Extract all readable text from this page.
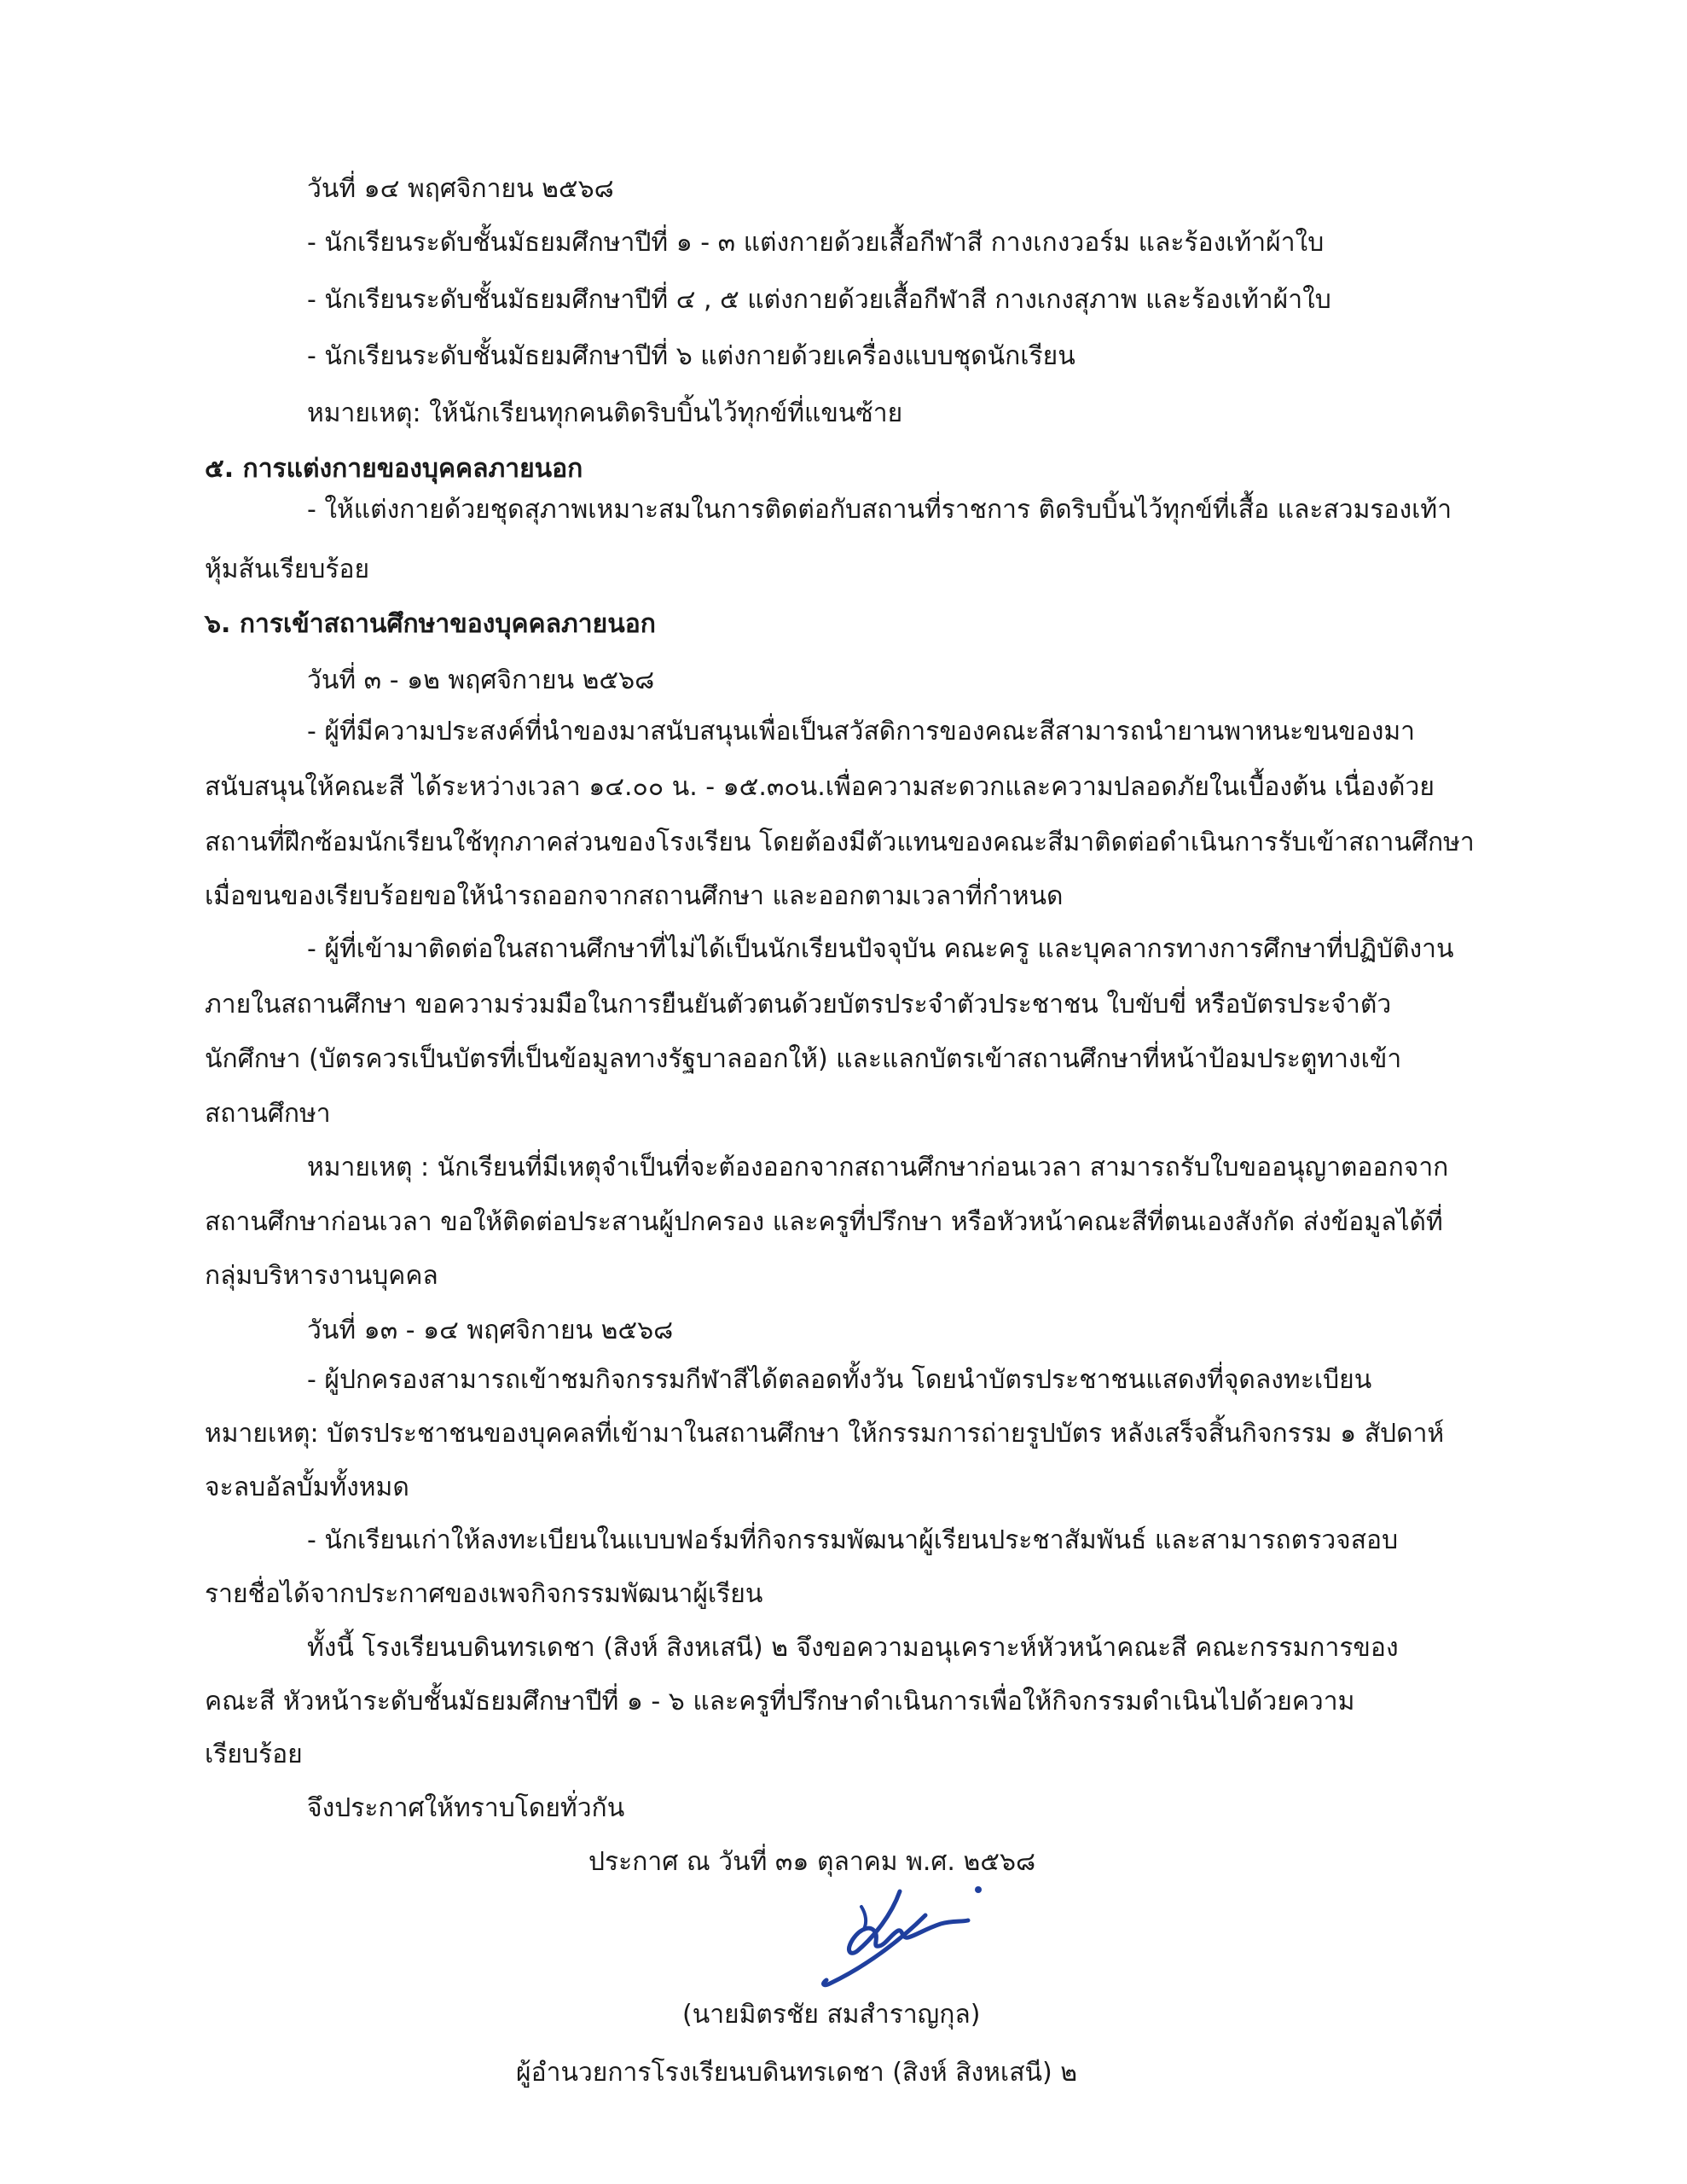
วันที่ ๑๔ พฤศจิกายน ๒๕๖๘
- นักเรียนระดับชั้นมัธยมศึกษาปีที่ ๑ - ๓ แต่งกายด้วยเสื้อกีฬาสี กางเกงวอร์ม และร้องเท้าผ้าใบ
- นักเรียนระดับชั้นมัธยมศึกษาปีที่ ๔ , ๕ แต่งกายด้วยเสื้อกีฬาสี กางเกงสุภาพ และร้องเท้าผ้าใบ
- นักเรียนระดับชั้นมัธยมศึกษาปีที่ ๖ แต่งกายด้วยเครื่องแบบชุดนักเรียน
หมายเหตุ: ให้นักเรียนทุกคนติดริบบิ้นไว้ทุกข์ที่แขนซ้าย
๕. การแต่งกายของบุคคลภายนอก
- ให้แต่งกายด้วยชุดสุภาพเหมาะสมในการติดต่อกับสถานที่ราชการ ติดริบบิ้นไว้ทุกข์ที่เสื้อ และสวมรองเท้า
หุ้มส้นเรียบร้อย
๖. การเข้าสถานศึกษาของบุคคลภายนอก
วันที่ ๓ - ๑๒ พฤศจิกายน ๒๕๖๘
- ผู้ที่มีความประสงค์ที่นำของมาสนับสนุนเพื่อเป็นสวัสดิการของคณะสีสามารถนำยานพาหนะขนของมา
สนับสนุนให้คณะสี ได้ระหว่างเวลา ๑๔.๐๐ น. - ๑๕.๓๐น.เพื่อความสะดวกและความปลอดภัยในเบื้องต้น เนื่องด้วย
สถานที่ฝึกซ้อมนักเรียนใช้ทุกภาคส่วนของโรงเรียน โดยต้องมีตัวแทนของคณะสีมาติดต่อดำเนินการรับเข้าสถานศึกษา
เมื่อขนของเรียบร้อยขอให้นำรถออกจากสถานศึกษา และออกตามเวลาที่กำหนด
- ผู้ที่เข้ามาติดต่อในสถานศึกษาที่ไม่ได้เป็นนักเรียนปัจจุบัน คณะครู และบุคลากรทางการศึกษาที่ปฏิบัติงาน
ภายในสถานศึกษา ขอความร่วมมือในการยืนยันตัวตนด้วยบัตรประจำตัวประชาชน ใบขับขี่ หรือบัตรประจำตัว
นักศึกษา (บัตรควรเป็นบัตรที่เป็นข้อมูลทางรัฐบาลออกให้) และแลกบัตรเข้าสถานศึกษาที่หน้าป้อมประตูทางเข้า
สถานศึกษา
หมายเหตุ : นักเรียนที่มีเหตุจำเป็นที่จะต้องออกจากสถานศึกษาก่อนเวลา สามารถรับใบขออนุญาตออกจาก
สถานศึกษาก่อนเวลา ขอให้ติดต่อประสานผู้ปกครอง และครูที่ปรึกษา หรือหัวหน้าคณะสีที่ตนเองสังกัด ส่งข้อมูลได้ที่
กลุ่มบริหารงานบุคคล
วันที่ ๑๓ - ๑๔ พฤศจิกายน ๒๕๖๘
- ผู้ปกครองสามารถเข้าชมกิจกรรมกีฬาสีได้ตลอดทั้งวัน โดยนำบัตรประชาชนแสดงที่จุดลงทะเบียน
หมายเหตุ: บัตรประชาชนของบุคคลที่เข้ามาในสถานศึกษา ให้กรรมการถ่ายรูปบัตร หลังเสร็จสิ้นกิจกรรม ๑ สัปดาห์
จะลบอัลบั้มทั้งหมด
- นักเรียนเก่าให้ลงทะเบียนในแบบฟอร์มที่กิจกรรมพัฒนาผู้เรียนประชาสัมพันธ์ และสามารถตรวจสอบ
รายชื่อได้จากประกาศของเพจกิจกรรมพัฒนาผู้เรียน
ทั้งนี้ โรงเรียนบดินทรเดชา (สิงห์ สิงหเสนี) ๒ จึงขอความอนุเคราะห์หัวหน้าคณะสี คณะกรรมการของ
คณะสี หัวหน้าระดับชั้นมัธยมศึกษาปีที่ ๑ - ๖ และครูที่ปรึกษาดำเนินการเพื่อให้กิจกรรมดำเนินไปด้วยความ
เรียบร้อย
จึงประกาศให้ทราบโดยทั่วกัน
ประกาศ ณ วันที่ ๓๑ ตุลาคม พ.ศ. ๒๕๖๘
(นายมิตรชัย สมสำราญกุล)
ผู้อำนวยการโรงเรียนบดินทรเดชา (สิงห์ สิงหเสนี) ๒
